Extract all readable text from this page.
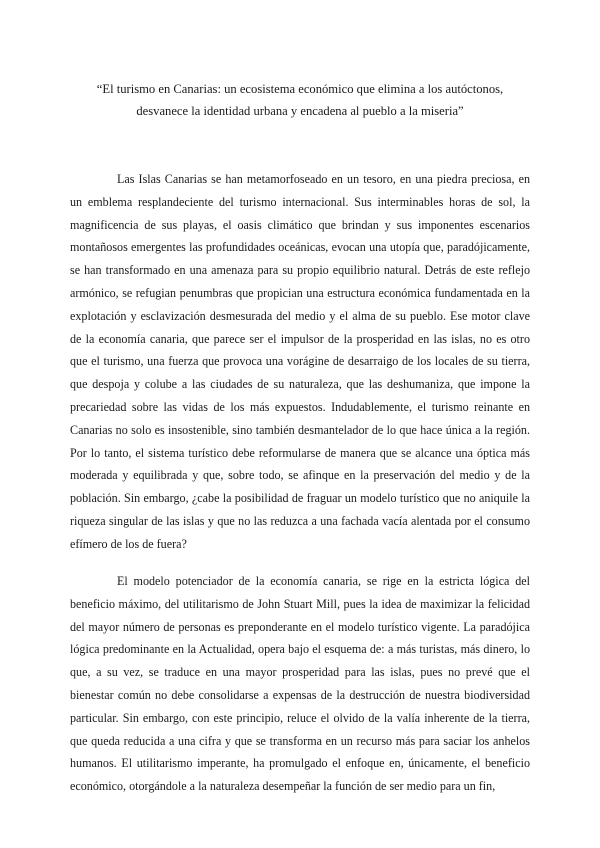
“El turismo en Canarias: un ecosistema económico que elimina a los autóctonos, desvanece la identidad urbana y encadena al pueblo a la miseria”

Las Islas Canarias se han metamorfoseado en un tesoro, en una piedra preciosa, en un emblema resplandeciente del turismo internacional. Sus interminables horas de sol, la magnificencia de sus playas, el oasis climático que brindan y sus imponentes escenarios montañosos emergentes las profundidades oceánicas, evocan una utopía que, paradójicamente, se han transformado en una amenaza para su propio equilibrio natural. Detrás de este reflejo armónico, se refugian penumbras que propician una estructura económica fundamentada en la explotación y esclavización desmesurada del medio y el alma de su pueblo. Ese motor clave de la economía canaria, que parece ser el impulsor de la prosperidad en las islas, no es otro que el turismo, una fuerza que provoca una vorágine de desarraigo de los locales de su tierra, que despoja y colube a las ciudades de su naturaleza, que las deshumaniza, que impone la precariedad sobre las vidas de los más expuestos. Indudablemente, el turismo reinante en Canarias no solo es insostenible, sino también desmantelador de lo que hace única a la región. Por lo tanto, el sistema turístico debe reformularse de manera que se alcance una óptica más moderada y equilibrada y que, sobre todo, se afinque en la preservación del medio y de la población. Sin embargo, ¿cabe la posibilidad de fraguar un modelo turístico que no aniquile la riqueza singular de las islas y que no las reduzca a una fachada vacía alentada por el consumo efímero de los de fuera?

El modelo potenciador de la economía canaria, se rige en la estricta lógica del beneficio máximo, del utilitarismo de John Stuart Mill, pues la idea de maximizar la felicidad del mayor número de personas es preponderante en el modelo turístico vigente. La paradójica lógica predominante en la Actualidad, opera bajo el esquema de: a más turistas, más dinero, lo que, a su vez, se traduce en una mayor prosperidad para las islas, pues no prevé que el bienestar común no debe consolidarse a expensas de la destrucción de nuestra biodiversidad particular. Sin embargo, con este principio, reluce el olvido de la valía inherente de la tierra, que queda reducida a una cifra y que se transforma en un recurso más para saciar los anhelos humanos. El utilitarismo imperante, ha promulgado el enfoque en, únicamente, el beneficio económico, otorgándole a la naturaleza desempeñar la función de ser medio para un fin,
